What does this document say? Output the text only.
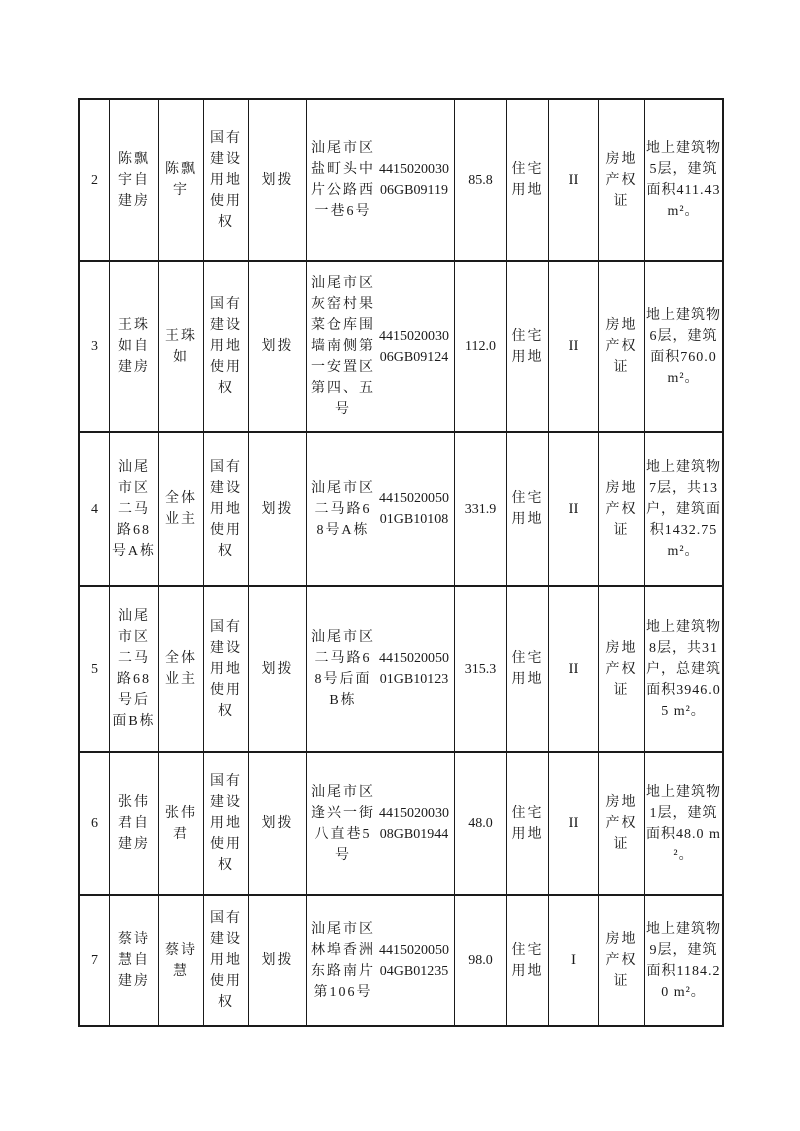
2
陈飘宇自建房
陈飘宇
国有建设用地使用权
划拨
汕尾市区盐町头中片公路西一巷6号
441502003006GB09119
85.8
住宅用地
II
房地产权证
地上建筑物5层，建筑面积411.43 m²。
3
王珠如自建房
王珠如
国有建设用地使用权
划拨
汕尾市区灰窑村果菜仓库围墙南侧第一安置区第四、五号
441502003006GB09124
112.0
住宅用地
II
房地产权证
地上建筑物6层，建筑面积760.0 m²。
4
汕尾市区二马路68号A栋
全体业主
国有建设用地使用权
划拨
汕尾市区二马路68号A栋
441502005001GB10108
331.9
住宅用地
II
房地产权证
地上建筑物7层，共13户，建筑面积1432.75 m²。
5
汕尾市区二马路68号后面B栋
全体业主
国有建设用地使用权
划拨
汕尾市区二马路68号后面B栋
441502005001GB10123
315.3
住宅用地
II
房地产权证
地上建筑物8层，共31户，总建筑面积3946.05 m²。
6
张伟君自建房
张伟君
国有建设用地使用权
划拨
汕尾市区逢兴一街八直巷5号
441502003008GB01944
48.0
住宅用地
II
房地产权证
地上建筑物1层，建筑面积48.0 m²。
7
蔡诗慧自建房
蔡诗慧
国有建设用地使用权
划拨
汕尾市区林埠香洲东路南片第106号
441502005004GB01235
98.0
住宅用地
I
房地产权证
地上建筑物9层，建筑面积1184.20 m²。
